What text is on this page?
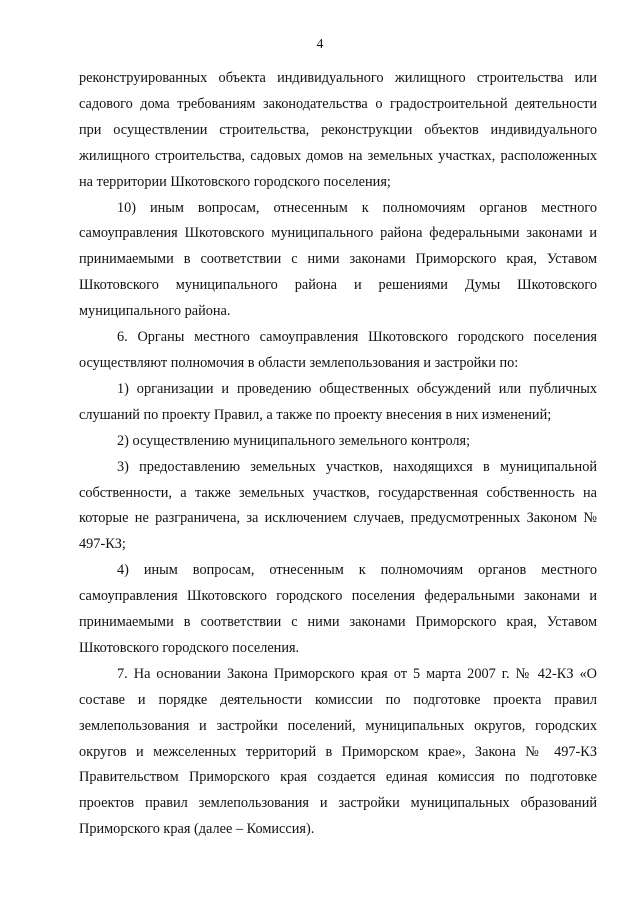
4

реконструированных объекта индивидуального жилищного строительства или садового дома требованиям законодательства о градостроительной деятельности при осуществлении строительства, реконструкции объектов индивидуального жилищного строительства, садовых домов на земельных участках, расположенных на территории Шкотовского городского поселения;

10) иным вопросам, отнесенным к полномочиям органов местного самоуправления Шкотовского муниципального района федеральными законами и принимаемыми в соответствии с ними законами Приморского края, Уставом Шкотовского муниципального района и решениями Думы Шкотовского муниципального района.

6. Органы местного самоуправления Шкотовского городского поселения осуществляют полномочия в области землепользования и застройки по:

1) организации и проведению общественных обсуждений или публичных слушаний по проекту Правил, а также по проекту внесения в них изменений;

2) осуществлению муниципального земельного контроля;

3) предоставлению земельных участков, находящихся в муниципальной собственности, а также земельных участков, государственная собственность на которые не разграничена, за исключением случаев, предусмотренных Законом № 497-КЗ;

4) иным вопросам, отнесенным к полномочиям органов местного самоуправления Шкотовского городского поселения федеральными законами и принимаемыми в соответствии с ними законами Приморского края, Уставом Шкотовского городского поселения.

7. На основании Закона Приморского края от 5 марта 2007 г. № 42-КЗ «О составе и порядке деятельности комиссии по подготовке проекта правил землепользования и застройки поселений, муниципальных округов, городских округов и межселенных территорий в Приморском крае», Закона № 497-КЗ Правительством Приморского края создается единая комиссия по подготовке проектов правил землепользования и застройки муниципальных образований Приморского края (далее – Комиссия).
